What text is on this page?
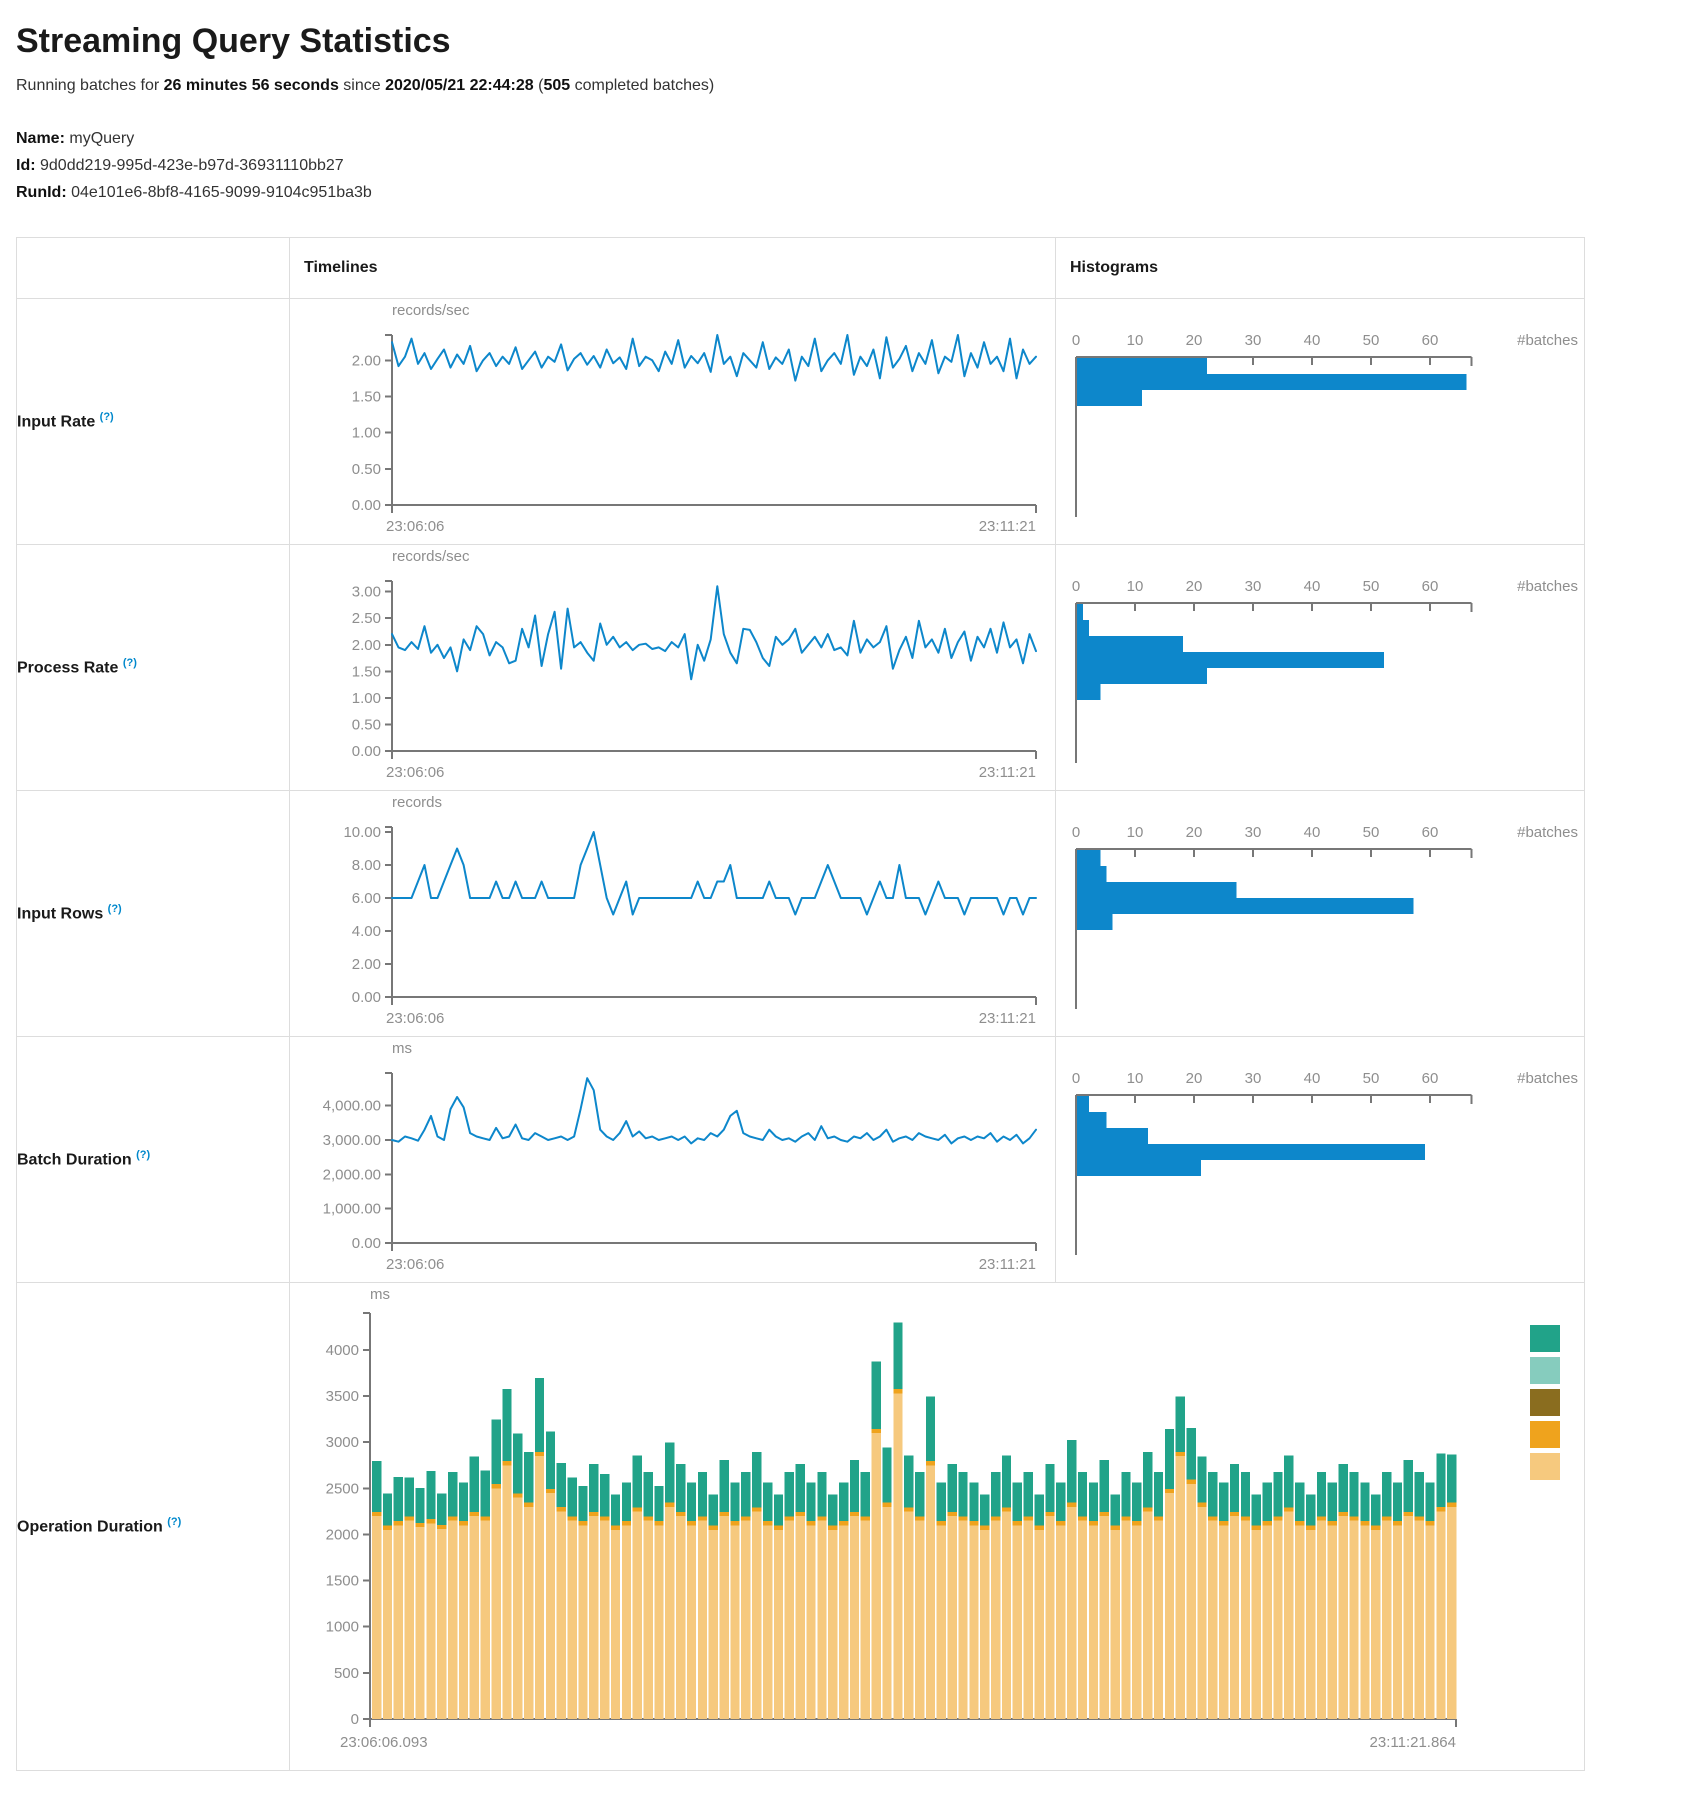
Streaming Query Statistics

Running batches for 26 minutes 56 seconds since 2020/05/21 22:44:28 (505 completed batches)

Name: myQuery
Id: 9d0dd219-995d-423e-b97d-36931110bb27
RunId: 04e101e6-8bf8-4165-9099-9104c951ba3b
	Timelines	Histograms
Input Rate (?)	
records/sec
2.00
1.50
1.00
0.50
0.00
23:06:06	23:11:21

0	10	20	30	40	50	60	#batches

Process Rate (?)	
records/sec
3.00
2.50
2.00
1.50
1.00
0.50
0.00
23:06:06	23:11:21

0	10	20	30	40	50	60	#batches

Input Rows (?)	
records
10.00
8.00
6.00
4.00
2.00
0.00
23:06:06	23:11:21

0	10	20	30	40	50	60	#batches

Batch Duration (?)	
ms
4,000.00
3,000.00
2,000.00
1,000.00
0.00
23:06:06	23:11:21

0	10	20	30	40	50	60	#batches

Operation Duration (?)	
ms
0
500
1000
1500
2000
2500
3000
3500
4000
23:06:06.093	23:11:21.864
